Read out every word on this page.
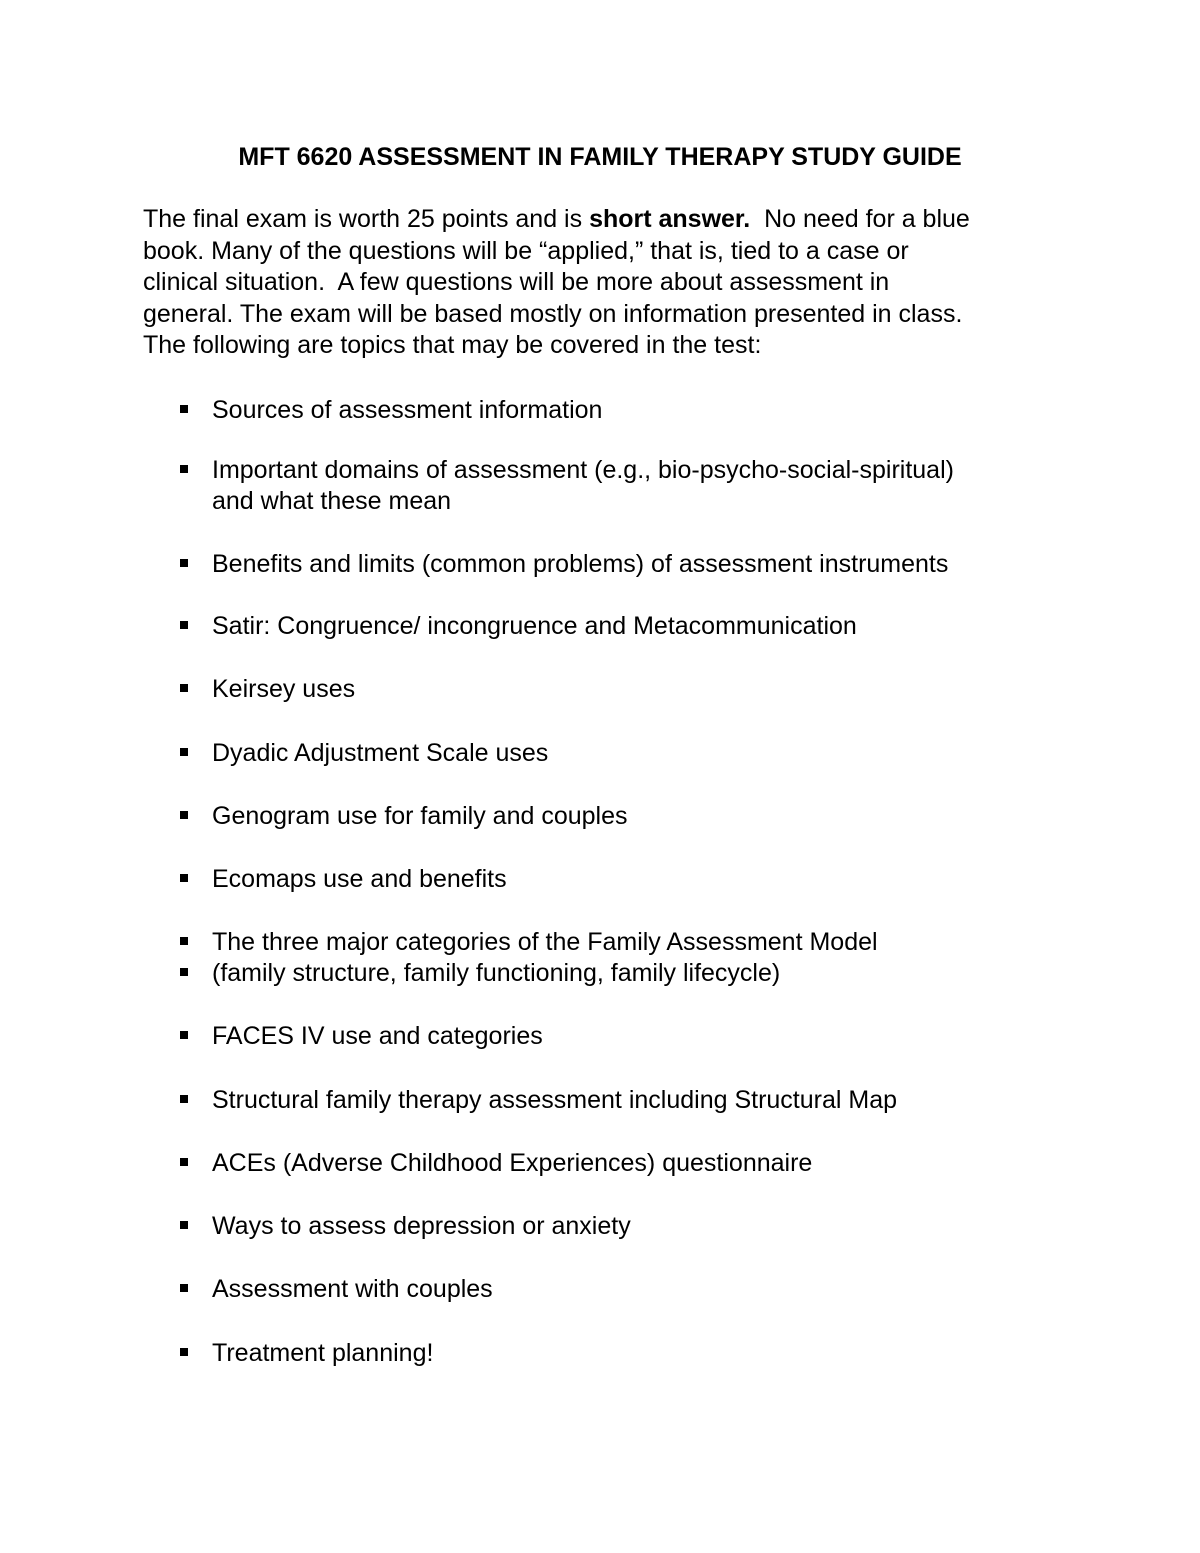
MFT 6620 ASSESSMENT IN FAMILY THERAPY STUDY GUIDE

The final exam is worth 25 points and is short answer.  No need for a blue
book. Many of the questions will be “applied,” that is, tied to a case or
clinical situation.  A few questions will be more about assessment in
general. The exam will be based mostly on information presented in class.
The following are topics that may be covered in the test:

Sources of assessment information
Important domains of assessment (e.g., bio-psycho-social-spiritual)
and what these mean
Benefits and limits (common problems) of assessment instruments
Satir: Congruence/ incongruence and Metacommunication
Keirsey uses
Dyadic Adjustment Scale uses
Genogram use for family and couples
Ecomaps use and benefits
The three major categories of the Family Assessment Model
(family structure, family functioning, family lifecycle)
FACES IV use and categories
Structural family therapy assessment including Structural Map
ACEs (Adverse Childhood Experiences) questionnaire
Ways to assess depression or anxiety
Assessment with couples
Treatment planning!
